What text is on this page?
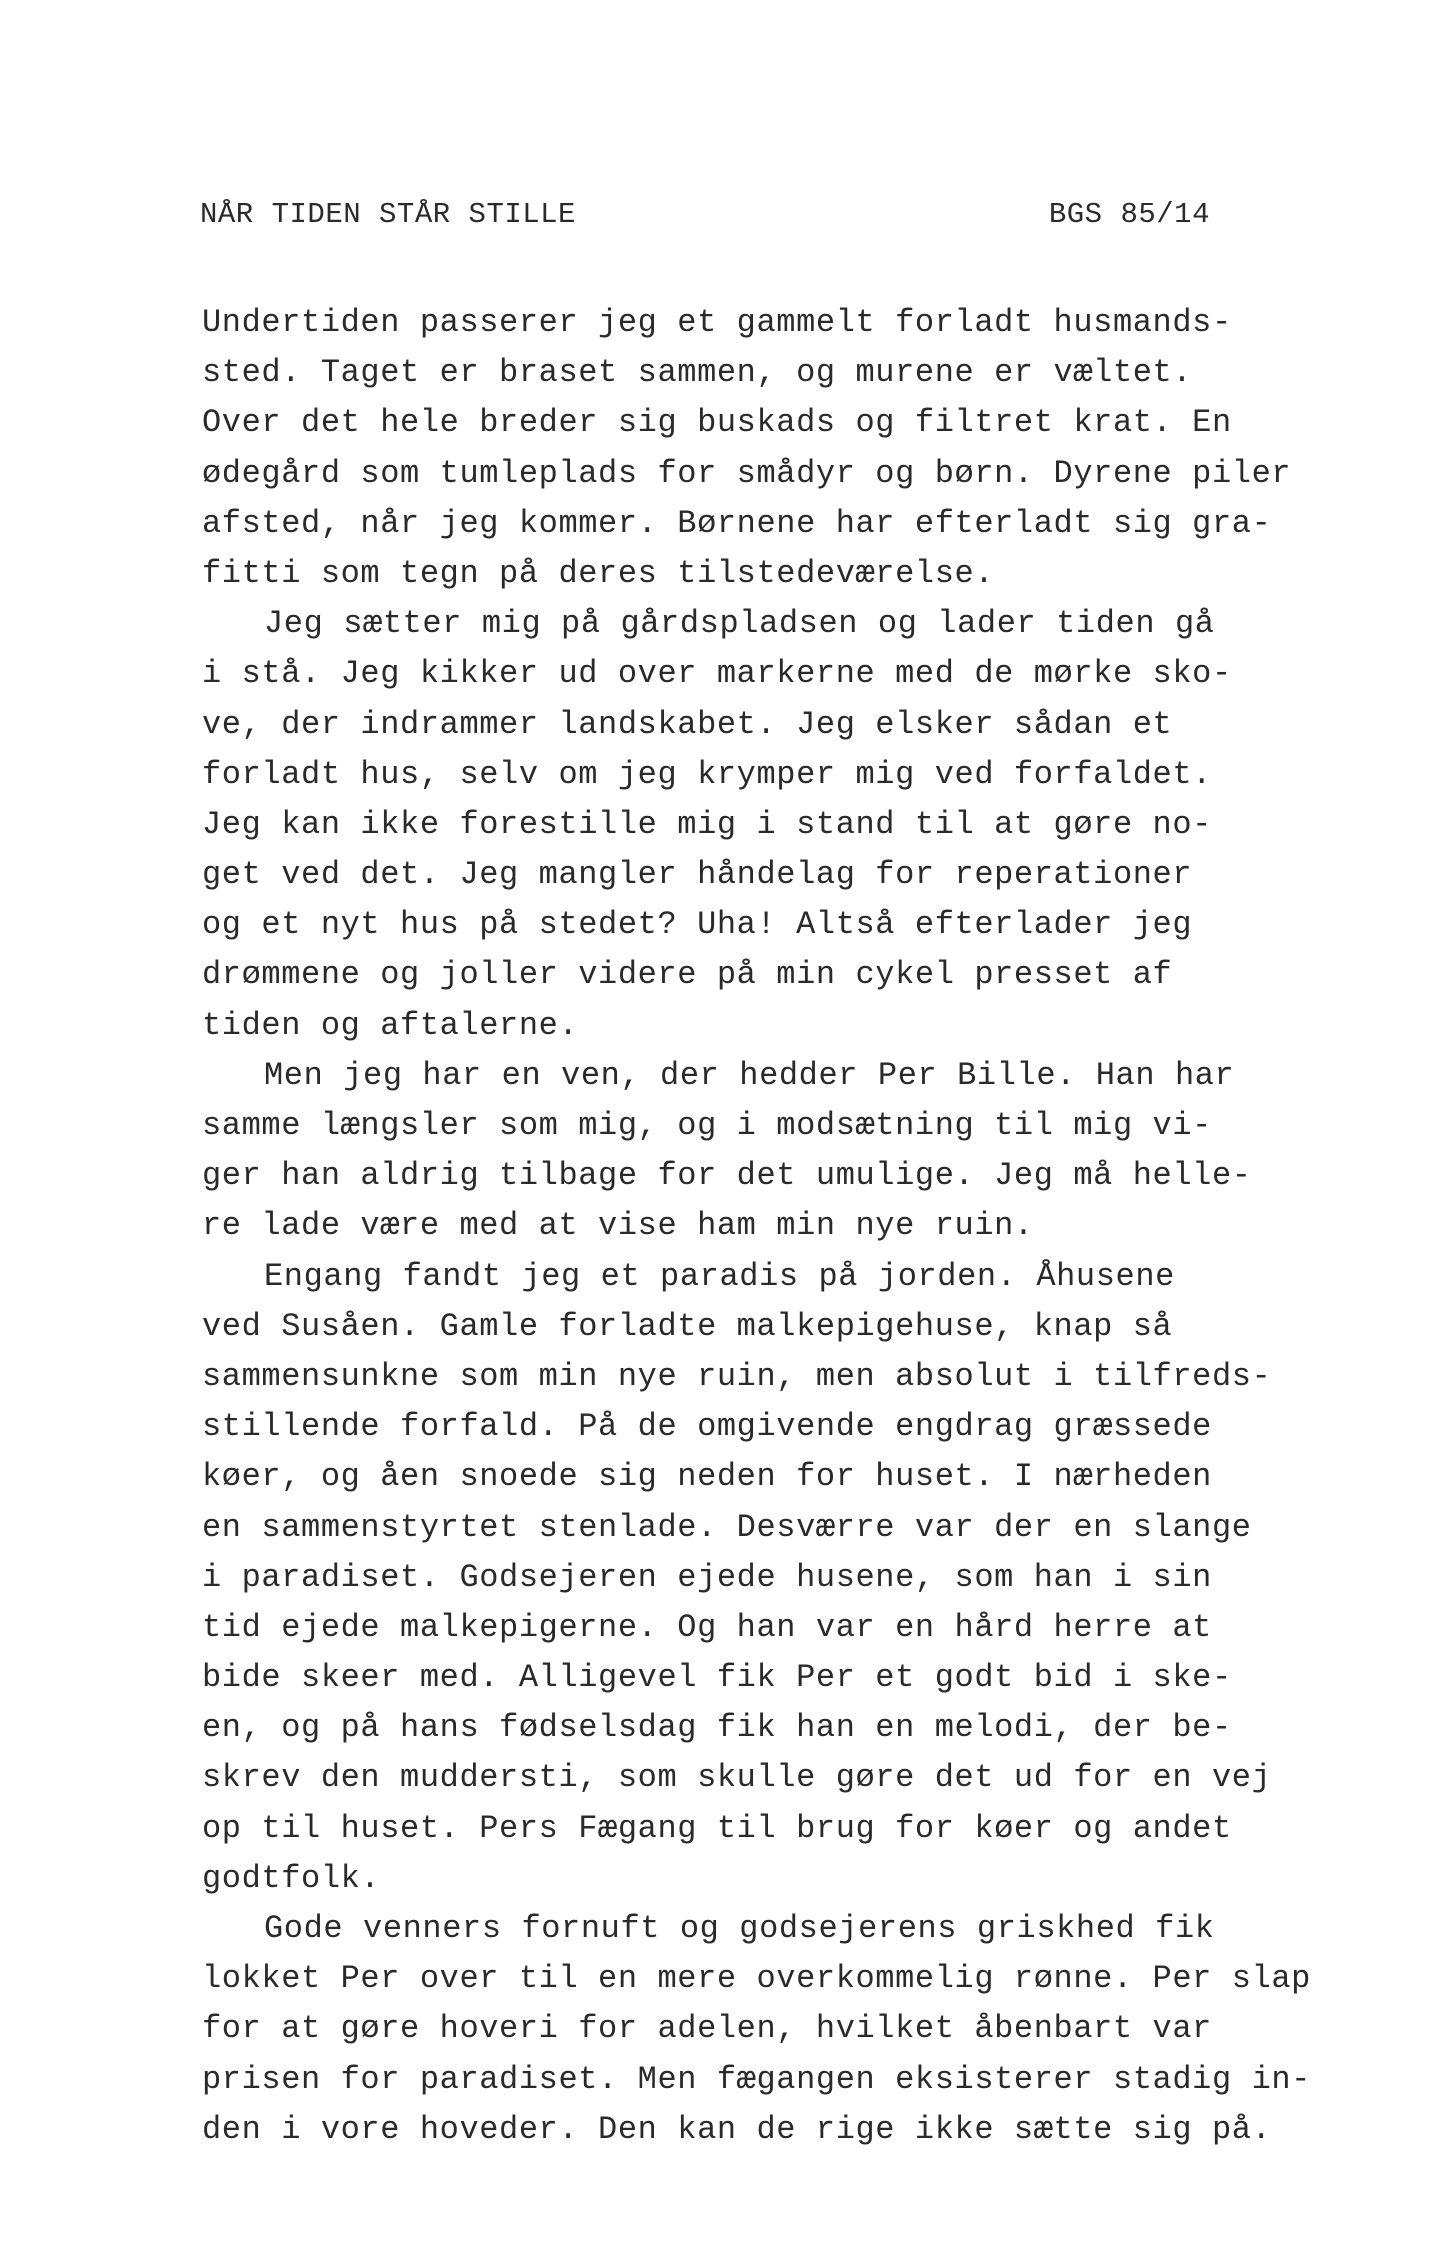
NÅR TIDEN STÅR STILLE	BGS 85/14
Undertiden passerer jeg et gammelt forladt husmands-
sted. Taget er braset sammen, og murene er væltet.
Over det hele breder sig buskads og filtret krat. En
ødegård som tumleplads for smådyr og børn. Dyrene piler
afsted, når jeg kommer. Børnene har efterladt sig gra-
fitti som tegn på deres tilstedeværelse.
Jeg sætter mig på gårdspladsen og lader tiden gå
i stå. Jeg kikker ud over markerne med de mørke sko-
ve, der indrammer landskabet. Jeg elsker sådan et
forladt hus, selv om jeg krymper mig ved forfaldet.
Jeg kan ikke forestille mig i stand til at gøre no-
get ved det. Jeg mangler håndelag for reperationer
og et nyt hus på stedet? Uha! Altså efterlader jeg
drømmene og joller videre på min cykel presset af
tiden og aftalerne.
Men jeg har en ven, der hedder Per Bille. Han har
samme længsler som mig, og i modsætning til mig vi-
ger han aldrig tilbage for det umulige. Jeg må helle-
re lade være med at vise ham min nye ruin.
Engang fandt jeg et paradis på jorden. Åhusene
ved Susåen. Gamle forladte malkepigehuse, knap så
sammensunkne som min nye ruin, men absolut i tilfreds-
stillende forfald. På de omgivende engdrag græssede
køer, og åen snoede sig neden for huset. I nærheden
en sammenstyrtet stenlade. Desværre var der en slange
i paradiset. Godsejeren ejede husene, som han i sin
tid ejede malkepigerne. Og han var en hård herre at
bide skeer med. Alligevel fik Per et godt bid i ske-
en, og på hans fødselsdag fik han en melodi, der be-
skrev den muddersti, som skulle gøre det ud for en vej
op til huset. Pers Fægang til brug for køer og andet
godtfolk.
Gode venners fornuft og godsejerens griskhed fik
lokket Per over til en mere overkommelig rønne. Per slap
for at gøre hoveri for adelen, hvilket åbenbart var
prisen for paradiset. Men fægangen eksisterer stadig in-
den i vore hoveder. Den kan de rige ikke sætte sig på.
